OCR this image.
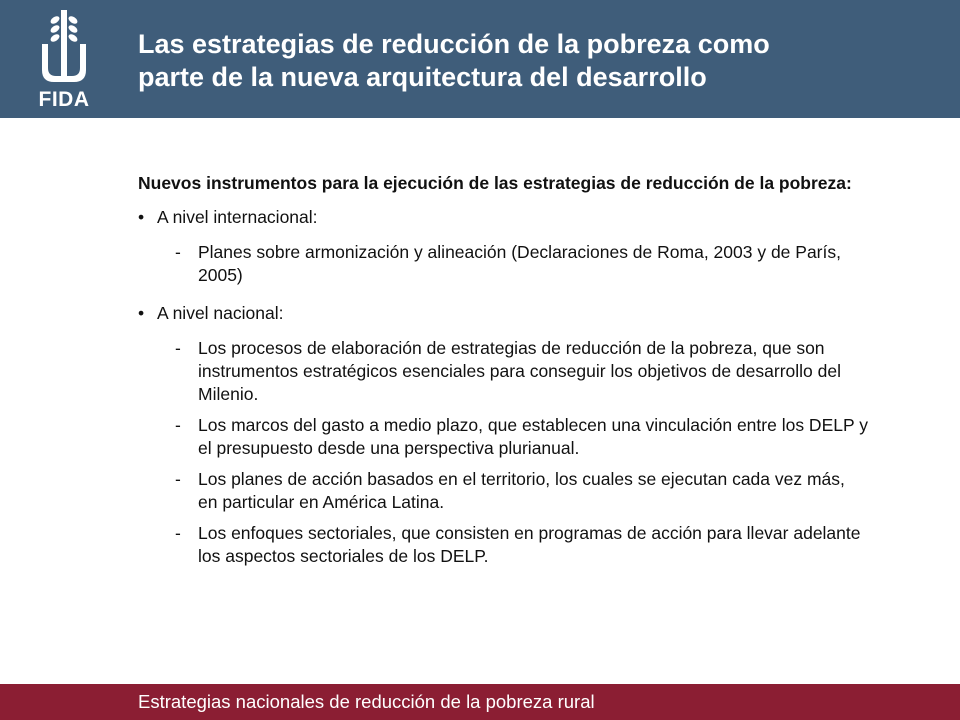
FIDA
Las estrategias de reducción de la pobreza como
parte de la nueva arquitectura del desarrollo
Nuevos instrumentos para la ejecución de las estrategias de reducción de la pobreza:
• A nivel internacional:
- Planes sobre armonización y alineación (Declaraciones de Roma, 2003 y de París, 2005)
• A nivel nacional:
- Los procesos de elaboración de estrategias de reducción de la pobreza, que son instrumentos estratégicos esenciales para conseguir los objetivos de desarrollo del Milenio.
- Los marcos del gasto a medio plazo, que establecen una vinculación entre los DELP y el presupuesto desde una perspectiva plurianual.
- Los planes de acción basados en el territorio, los cuales se ejecutan cada vez más, en particular en América Latina.
- Los enfoques sectoriales, que consisten en programas de acción para llevar adelante los aspectos sectoriales de los DELP.
Estrategias nacionales de reducción de la pobreza rural
